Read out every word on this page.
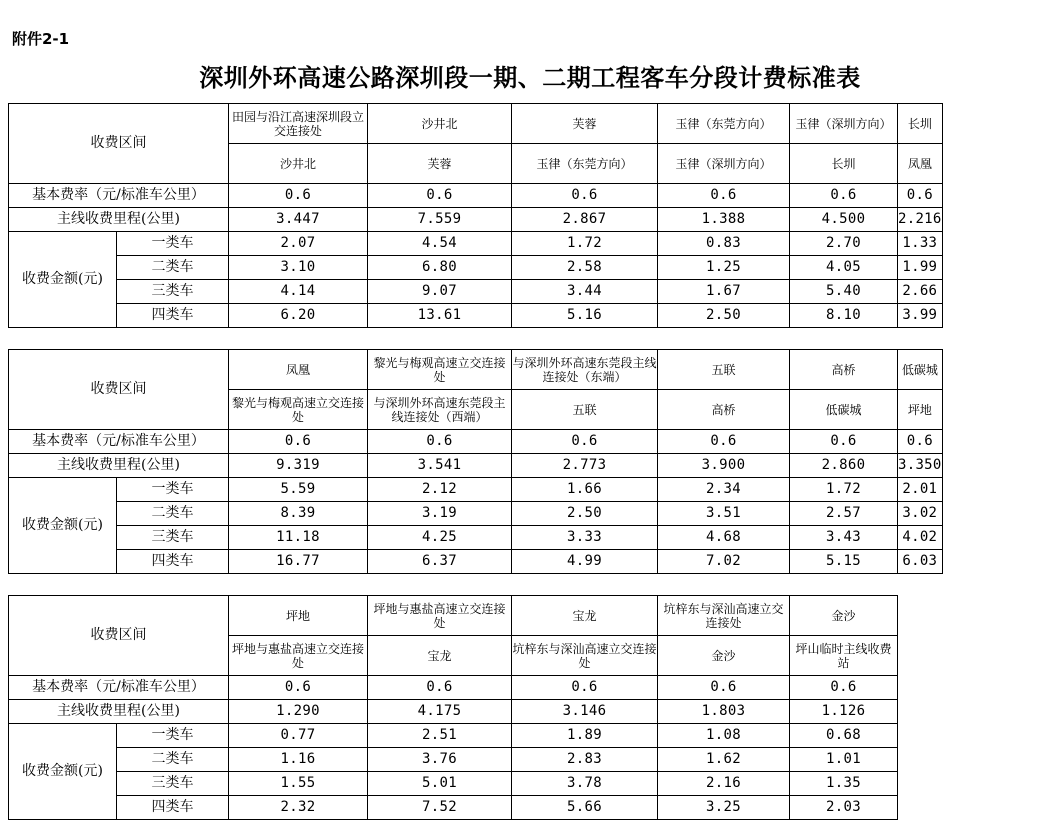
附件2-1
深圳外环高速公路深圳段一期、二期工程客车分段计费标准表
收费区间		田园与沿江高速深圳段立交连接处	沙井北	芙蓉	玉律（东莞方向）	玉律（深圳方向）	长圳
		沙井北	芙蓉	玉律（东莞方向）	玉律（深圳方向）	长圳	凤凰
基本费率（元/标准车公里）		0.6	0.6	0.6	0.6	0.6	0.6
主线收费里程(公里)		3.447	7.559	2.867	1.388	4.500	2.216
收费金额(元)	一类车	2.07	4.54	1.72	0.83	2.70	1.33
	二类车	3.10	6.80	2.58	1.25	4.05	1.99
	三类车	4.14	9.07	3.44	1.67	5.40	2.66
	四类车	6.20	13.61	5.16	2.50	8.10	3.99
收费区间		凤凰	黎光与梅观高速立交连接处	与深圳外环高速东莞段主线连接处（东端）	五联	高桥	低碳城
		黎光与梅观高速立交连接处	与深圳外环高速东莞段主线连接处（西端）	五联	高桥	低碳城	坪地
基本费率（元/标准车公里）		0.6	0.6	0.6	0.6	0.6	0.6
主线收费里程(公里)		9.319	3.541	2.773	3.900	2.860	3.350
收费金额(元)	一类车	5.59	2.12	1.66	2.34	1.72	2.01
	二类车	8.39	3.19	2.50	3.51	2.57	3.02
	三类车	11.18	4.25	3.33	4.68	3.43	4.02
	四类车	16.77	6.37	4.99	7.02	5.15	6.03
收费区间		坪地	坪地与惠盐高速立交连接处	宝龙	坑梓东与深汕高速立交连接处	金沙	
		坪地与惠盐高速立交连接处	宝龙	坑梓东与深汕高速立交连接处	金沙	坪山临时主线收费站	
基本费率（元/标准车公里）		0.6	0.6	0.6	0.6	0.6	
主线收费里程(公里)		1.290	4.175	3.146	1.803	1.126	
收费金额(元)	一类车	0.77	2.51	1.89	1.08	0.68	
	二类车	1.16	3.76	2.83	1.62	1.01	
	三类车	1.55	5.01	3.78	2.16	1.35	
	四类车	2.32	7.52	5.66	3.25	2.03	
